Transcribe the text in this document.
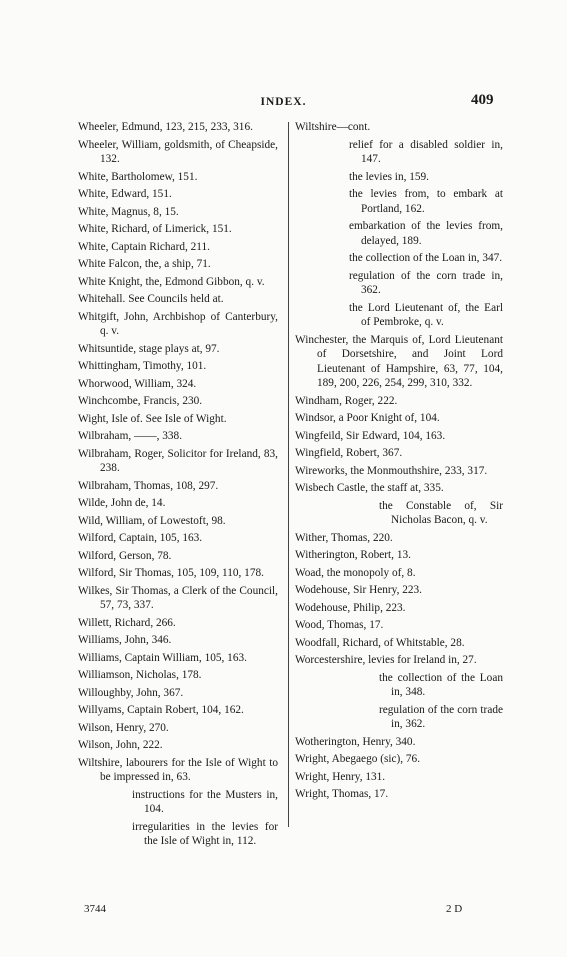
INDEX.	409
Wheeler, Edmund, 123, 215, 233, 316.
Wheeler, William, goldsmith, of Cheapside, 132.
White, Bartholomew, 151.
White, Edward, 151.
White, Magnus, 8, 15.
White, Richard, of Limerick, 151.
White, Captain Richard, 211.
White Falcon, the, a ship, 71.
White Knight, the, Edmond Gibbon, q. v.
Whitehall. See Councils held at.
Whitgift, John, Archbishop of Canterbury, q. v.
Whitsuntide, stage plays at, 97.
Whittingham, Timothy, 101.
Whorwood, William, 324.
Winchcombe, Francis, 230.
Wight, Isle of. See Isle of Wight.
Wilbraham, ——, 338.
Wilbraham, Roger, Solicitor for Ireland, 83, 238.
Wilbraham, Thomas, 108, 297.
Wilde, John de, 14.
Wild, William, of Lowestoft, 98.
Wilford, Captain, 105, 163.
Wilford, Gerson, 78.
Wilford, Sir Thomas, 105, 109, 110, 178.
Wilkes, Sir Thomas, a Clerk of the Council, 57, 73, 337.
Willett, Richard, 266.
Williams, John, 346.
Williams, Captain William, 105, 163.
Williamson, Nicholas, 178.
Willoughby, John, 367.
Willyams, Captain Robert, 104, 162.
Wilson, Henry, 270.
Wilson, John, 222.
Wiltshire, labourers for the Isle of Wight to be impressed in, 63.
instructions for the Musters in, 104.
irregularities in the levies for the Isle of Wight in, 112.
Wiltshire—cont.
relief for a disabled soldier in, 147.
the levies in, 159.
the levies from, to embark at Portland, 162.
embarkation of the levies from, delayed, 189.
the collection of the Loan in, 347.
regulation of the corn trade in, 362.
the Lord Lieutenant of, the Earl of Pembroke, q. v.
Winchester, the Marquis of, Lord Lieutenant of Dorsetshire, and Joint Lord Lieutenant of Hampshire, 63, 77, 104, 189, 200, 226, 254, 299, 310, 332.
Windham, Roger, 222.
Windsor, a Poor Knight of, 104.
Wingfeild, Sir Edward, 104, 163.
Wingfield, Robert, 367.
Wireworks, the Monmouthshire, 233, 317.
Wisbech Castle, the staff at, 335.
the Constable of, Sir Nicholas Bacon, q. v.
Wither, Thomas, 220.
Witherington, Robert, 13.
Woad, the monopoly of, 8.
Wodehouse, Sir Henry, 223.
Wodehouse, Philip, 223.
Wood, Thomas, 17.
Woodfall, Richard, of Whitstable, 28.
Worcestershire, levies for Ireland in, 27.
the collection of the Loan in, 348.
regulation of the corn trade in, 362.
Wotherington, Henry, 340.
Wright, Abegaego (sic), 76.
Wright, Henry, 131.
Wright, Thomas, 17.
3744	2 D
